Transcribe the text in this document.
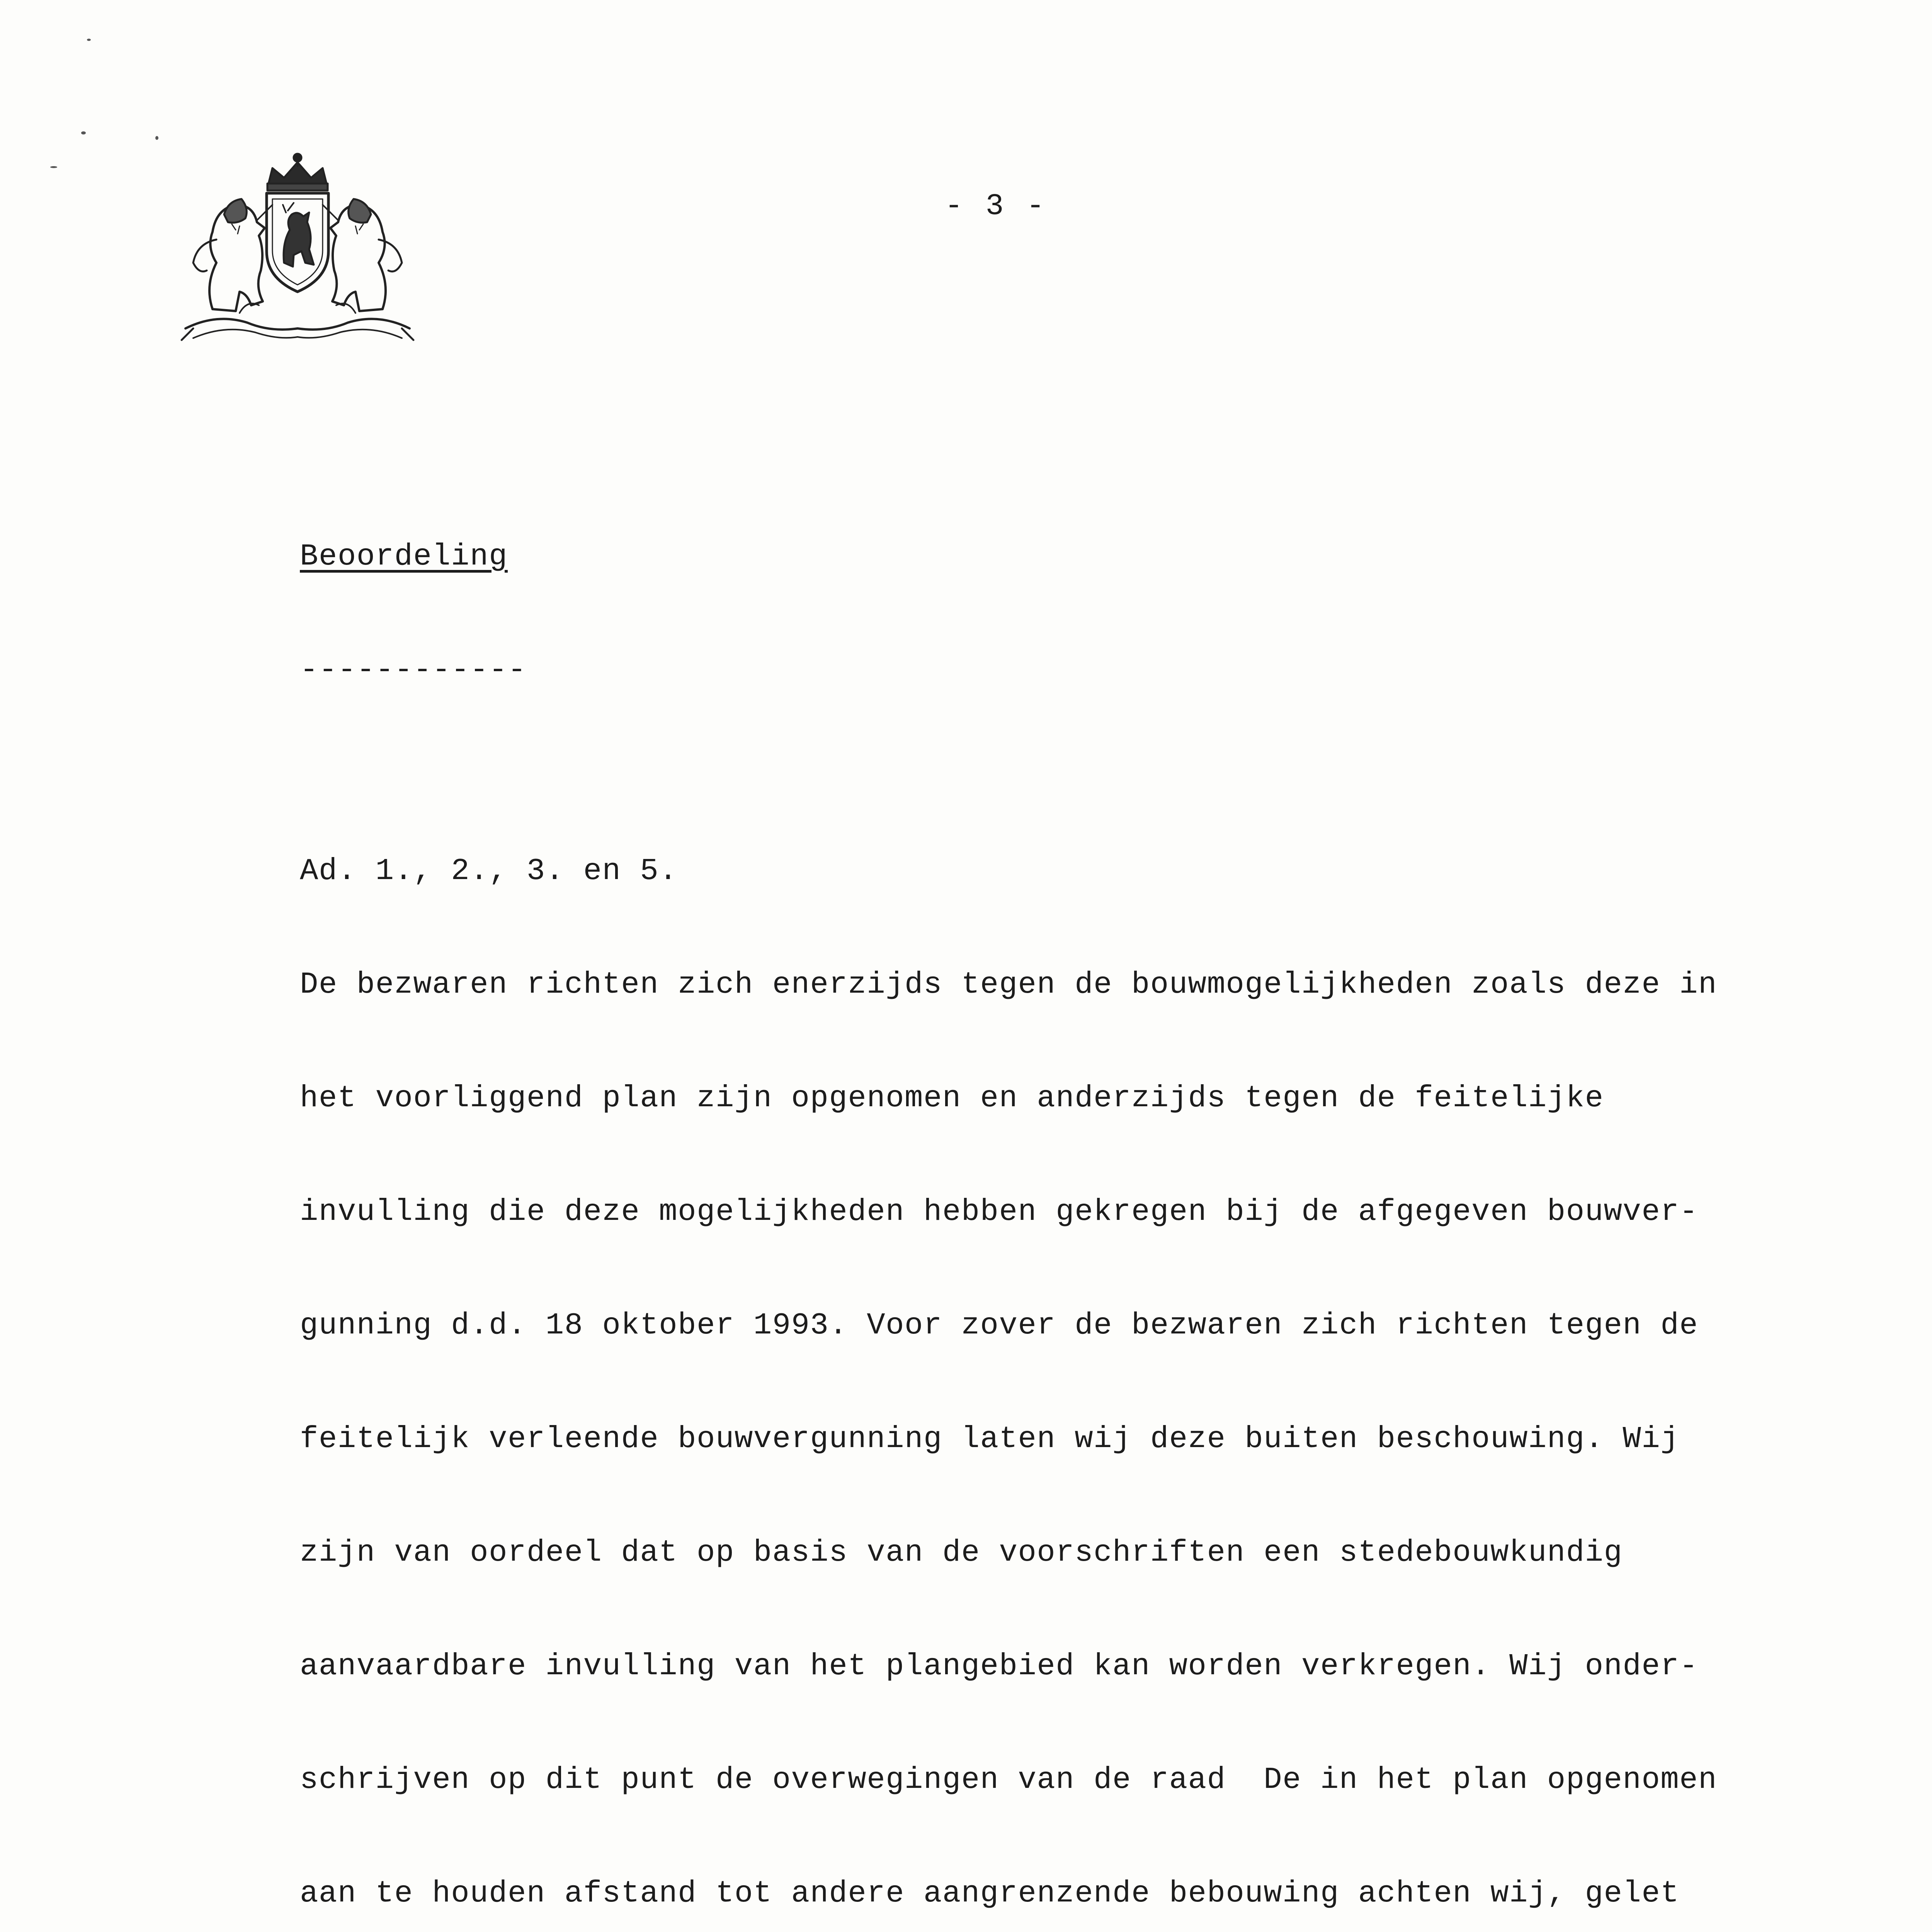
- 3 -

Beoordeling

------------

Ad. 1., 2., 3. en 5.

De bezwaren richten zich enerzijds tegen de bouwmogelijkheden zoals deze in

het voorliggend plan zijn opgenomen en anderzijds tegen de feitelijke

invulling die deze mogelijkheden hebben gekregen bij de afgegeven bouwver-

gunning d.d. 18 oktober 1993. Voor zover de bezwaren zich richten tegen de

feitelijk verleende bouwvergunning laten wij deze buiten beschouwing. Wij

zijn van oordeel dat op basis van de voorschriften een stedebouwkundig

aanvaardbare invulling van het plangebied kan worden verkregen. Wij onder-

schrijven op dit punt de overwegingen van de raad  De in het plan opgenomen

aan te houden afstand tot andere aangrenzende bebouwing achten wij, gelet
